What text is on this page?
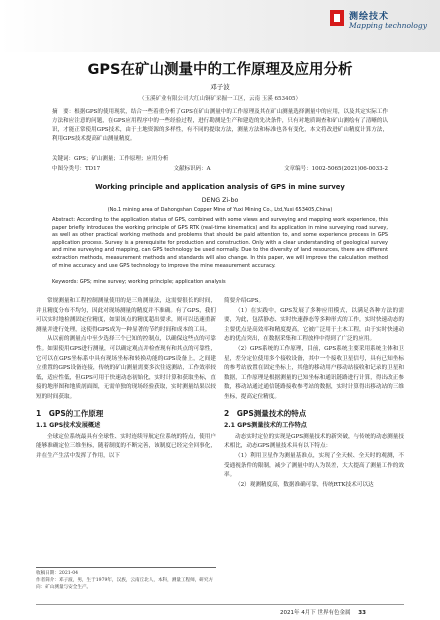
测绘技术
Mapping technology
GPS在矿山测量中的工作原理及应用分析
邓子波
（玉溪矿业有限公司大红山铜矿采掘一工区，云南 玉溪 653405）
摘　要：根据GPS的使用现状，结合一些着重分析了GPS在矿山测量中的工作原理及其在矿山测量选择测量中的应用，以及其定实际工作方法和应注意的问题，在GPS应用程序中的一些经验过程，进行勘测是生产和建造的先决条件，只有对地质调查和矿山测绘有了清晰的认识，才能正常使用GPS技术，由于土地资源的多样性，有不同的提取方法，测量方法和标准也各有变化，本文将改进矿山精度计算方法，利用GPS技术提高矿山测量精度。
关键词：GPS；矿山测量；工作原理；应用分析
中图分类号：TD17	文献标识码：A	文章编号：1002-5065(2021)06-0033-2
Working principle and application analysis of GPS in mine survey
DENG Zi-bo
(No.1 mining area of Dahongshan Copper Mine of Yuxi Mining Co., Ltd,Yuxi 653405,China)
Abstract: According to the application status of GPS, combined with some views and surveying and mapping work experience, this paper briefly introduces the working principle of GPS RTK (real-time kinematics) and its application in mine surveying road survey, as well as other practical working methods and problems that should be paid attention to, and some experience process in GPS application process. Survey is a prerequisite for production and construction. Only with a clear understanding of geological survey and mine surveying and mapping, can GPS technology be used normally. Due to the diversity of land resources, there are different extraction methods, measurement methods and standards will also change. In this paper, we will improve the calculation method of mine accuracy and use GPS technology to improve the mine measurement accuracy.
Keywords: GPS; mine survey; working principle; application analysis

常规测量和工程控制测量使用的是三角测量法，这需要很长的时间，并且精度分布不均匀，因此对现场测量的精度并不准确。有了GPS，我们可以实时地检测固定位精度，如果该点的精度超出要求，则可以迅速重新测量并进行处理，这使得GPS成为一种显著的节约时间和成本的工具。

从以前的测量点中至少选择三个已知的控制点，以确保这些点的可靠性。如果使用GPS进行测量，可以确定观点并检查现有和其点的可靠性，它可以在GPS坐标系中具有现场坐标和转换功能的GPS设备上，之间建立重置的GPS设备连接，传统的矿山测量需要多次往返测站，工作效率较低，适应性低，但GPS可用于快速动态初始化，实时计算和获取坐标，直接的地形图和地质剖面图，无需单独的现场经验获取，实时测量结果以较短的时间获取。

1　GPS的工作原理
1.1 GPS技术发展概述

全球定位系统最具有全球性、实时连续导航定位系统的特点，使用户能够准确定位三维坐标，随着制度的不断完善，该制度已经完全回事化，并在生产生活中发挥了作用，以下

简要介绍GPS。

（1）在实践中，GPS发展了多种应用模式，以满足各种方法的需要，为此，包括静态、实时快速静态等多种形式的工作，实时快速动态的主要优点是高效率和精度提高，它被广泛用于土木工程，由于实时快速动态的优点突出，在数据采集和工程放样中得到了广泛的应用。

（2）GPS系统的工作原理，目前，GPS系统主要采用系统主体和卫星，差分定位使用多个接收设备，其中一个接收卫星信号，具有已知坐标的参考站放置在固定坐标上，其他的移动用户移动站接收和记录的卫星和数据，工作原理是根据测量的已知坐标和通讯链路进行计算，得出改正参数，移动站通过通信链路接收参考站的数据，实时计算得出移动站的三维坐标，提高定位精度。

2　GPS测量技术的特点
2.1 GPS测量技术的工作特点

动态实时定位的实现是GPS测量技术的新突破，与传统的动态测量技术相比，动态GPS测量技术具有以下特点：

（1）利用卫星作为测量基准点，实现了全天候、全天时的观测，不受通视条件的限制，减少了测量中的人为误差，大大提高了测量工作的效率。

（2）观测精度高，数据准确可靠，传统RTK技术可以达

收稿日期：2021-04
作者简介：邓子波，男，生于1979年，汉族，云南丘北人，本科，测量工程师，研究方向：矿山测量与安全生产。
2021年 4月下 世界有色金属 33
